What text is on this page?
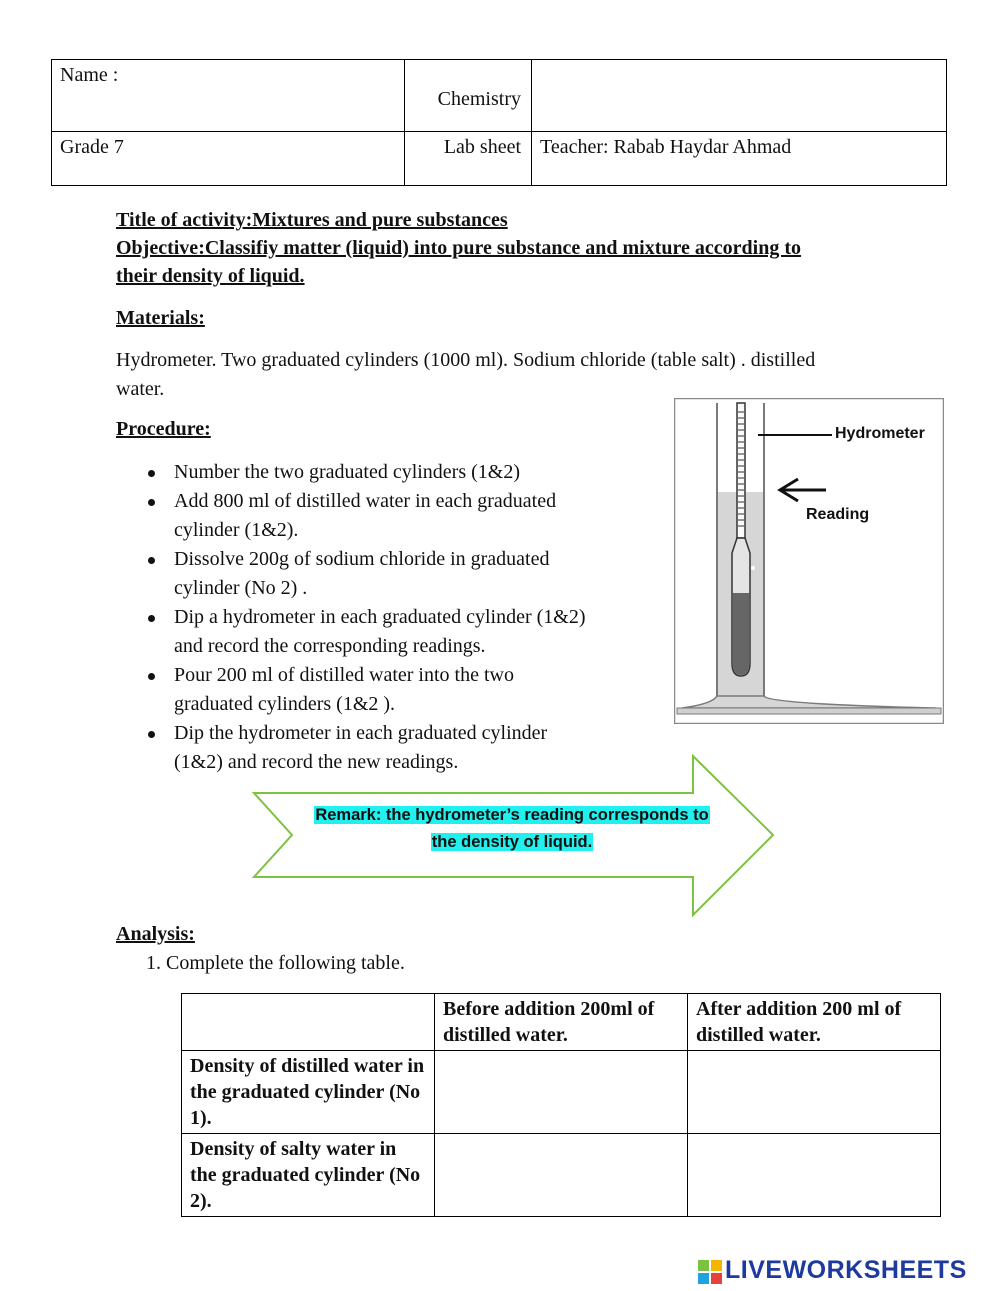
Name :	Chemistry	
Grade 7	Lab sheet	Teacher: Rabab Haydar Ahmad
Title of activity:Mixtures and pure substances
Objective:Classifiy matter (liquid) into pure substance and mixture according to
their density of liquid.
Materials:
Hydrometer. Two graduated cylinders (1000 ml). Sodium chloride (table salt) . distilled
water.
Procedure:
Number the two graduated cylinders (1&2)
Add 800 ml of distilled water in each graduated
cylinder (1&2).
Dissolve 200g of sodium chloride in graduated
cylinder (No 2) .
Dip a hydrometer in each graduated cylinder (1&2)
and record the corresponding readings.
Pour 200 ml of distilled water into the two
graduated cylinders (1&2 ).
Dip the hydrometer in each graduated cylinder
(1&2) and record the new readings.
Hydrometer
Reading
Remark: the hydrometer’s reading corresponds to
the density of liquid.
Analysis:
1. Complete the following table.
	Before addition 200ml of distilled water.	After addition 200 ml of distilled water.
Density of distilled water in the graduated cylinder (No 1).		
Density of salty water in the graduated cylinder (No 2).		
LIVEWORKSHEETS
